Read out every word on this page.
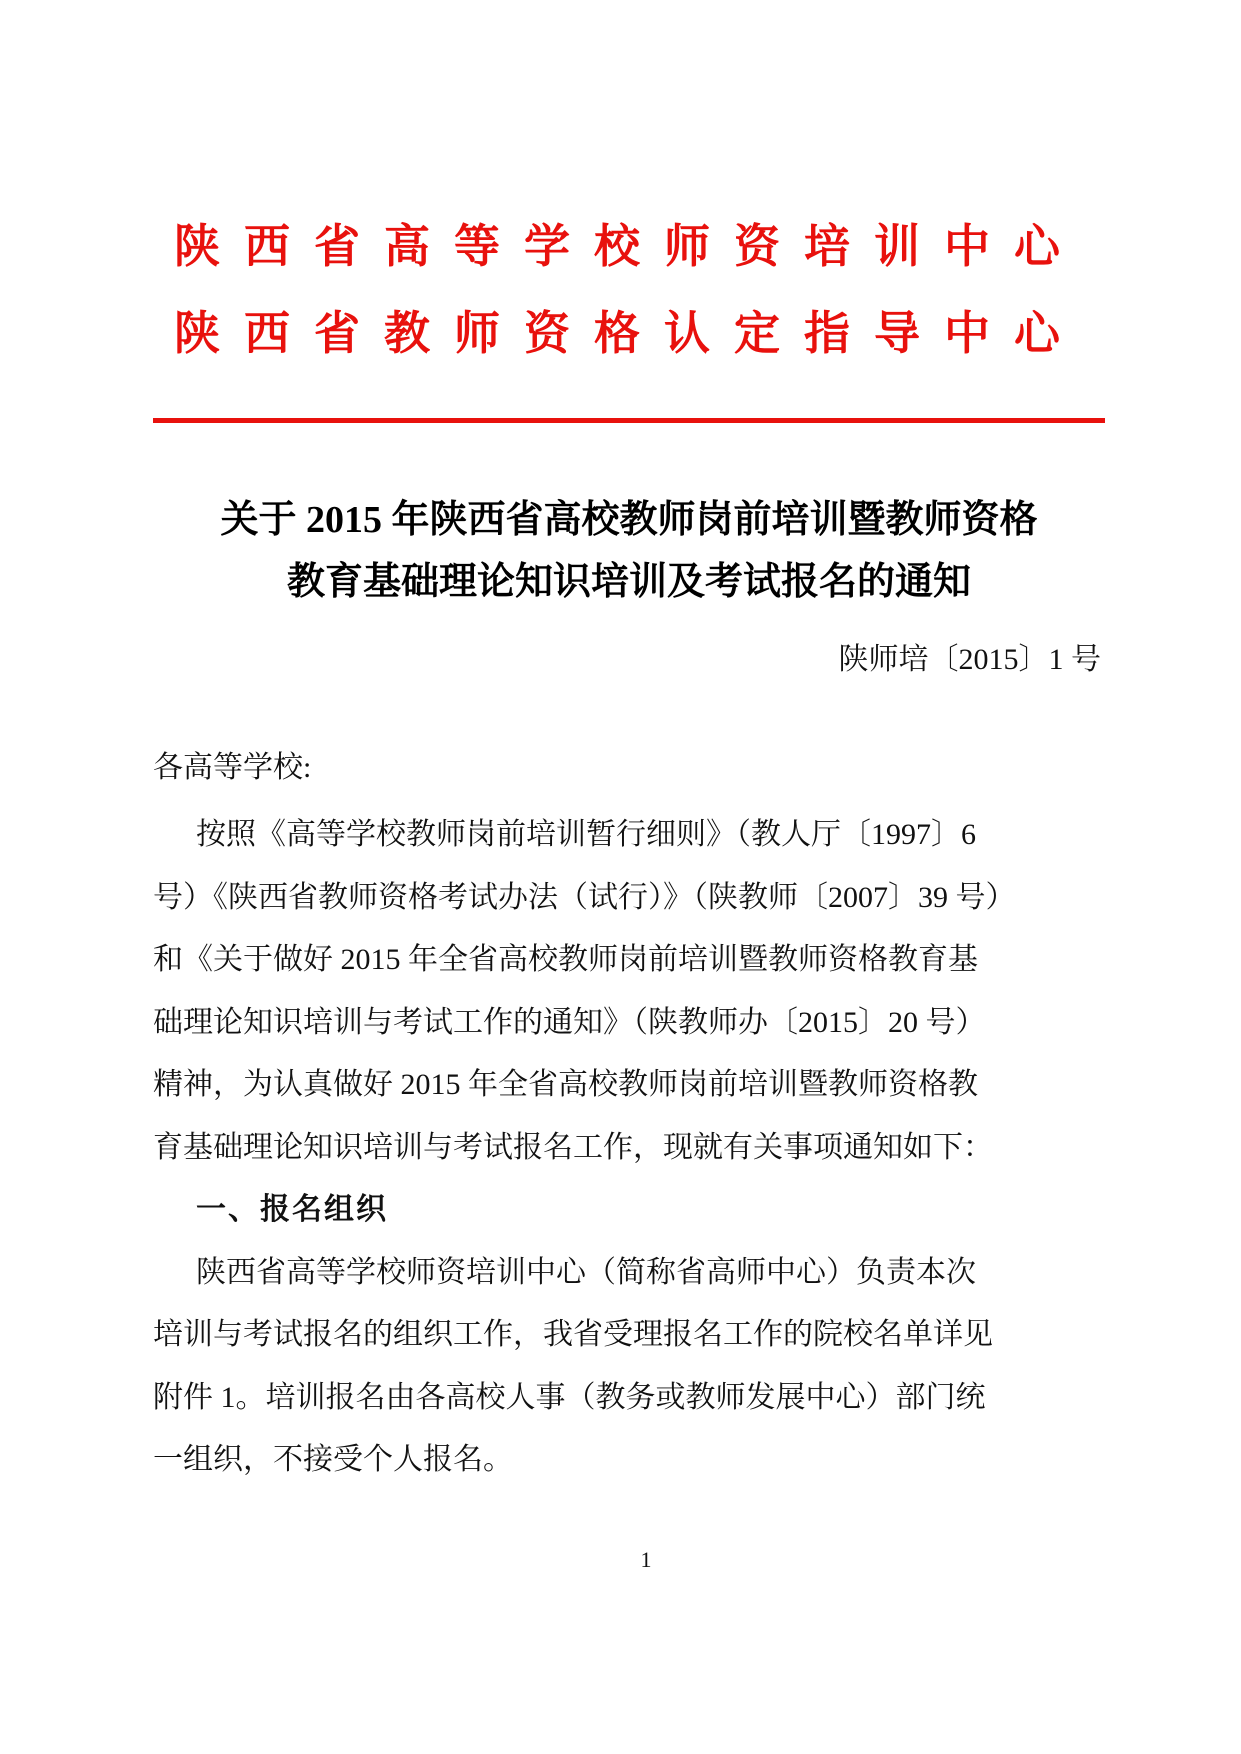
陕西省高等学校师资培训中心
陕西省教师资格认定指导中心
关于 2015 年陕西省高校教师岗前培训暨教师资格
教育基础理论知识培训及考试报名的通知
陕师培〔2015〕1 号
各高等学校:
按照《高等学校教师岗前培训暂行细则》（教人厅〔1997〕6
号）《陕西省教师资格考试办法（试行）》（陕教师〔2007〕39 号）
和《关于做好 2015 年全省高校教师岗前培训暨教师资格教育基
础理论知识培训与考试工作的通知》（陕教师办〔2015〕20 号）
精神，为认真做好 2015 年全省高校教师岗前培训暨教师资格教
育基础理论知识培训与考试报名工作，现就有关事项通知如下：
一、报名组织
陕西省高等学校师资培训中心（简称省高师中心）负责本次
培训与考试报名的组织工作，我省受理报名工作的院校名单详见
附件 1。培训报名由各高校人事（教务或教师发展中心）部门统
一组织，不接受个人报名。
1
